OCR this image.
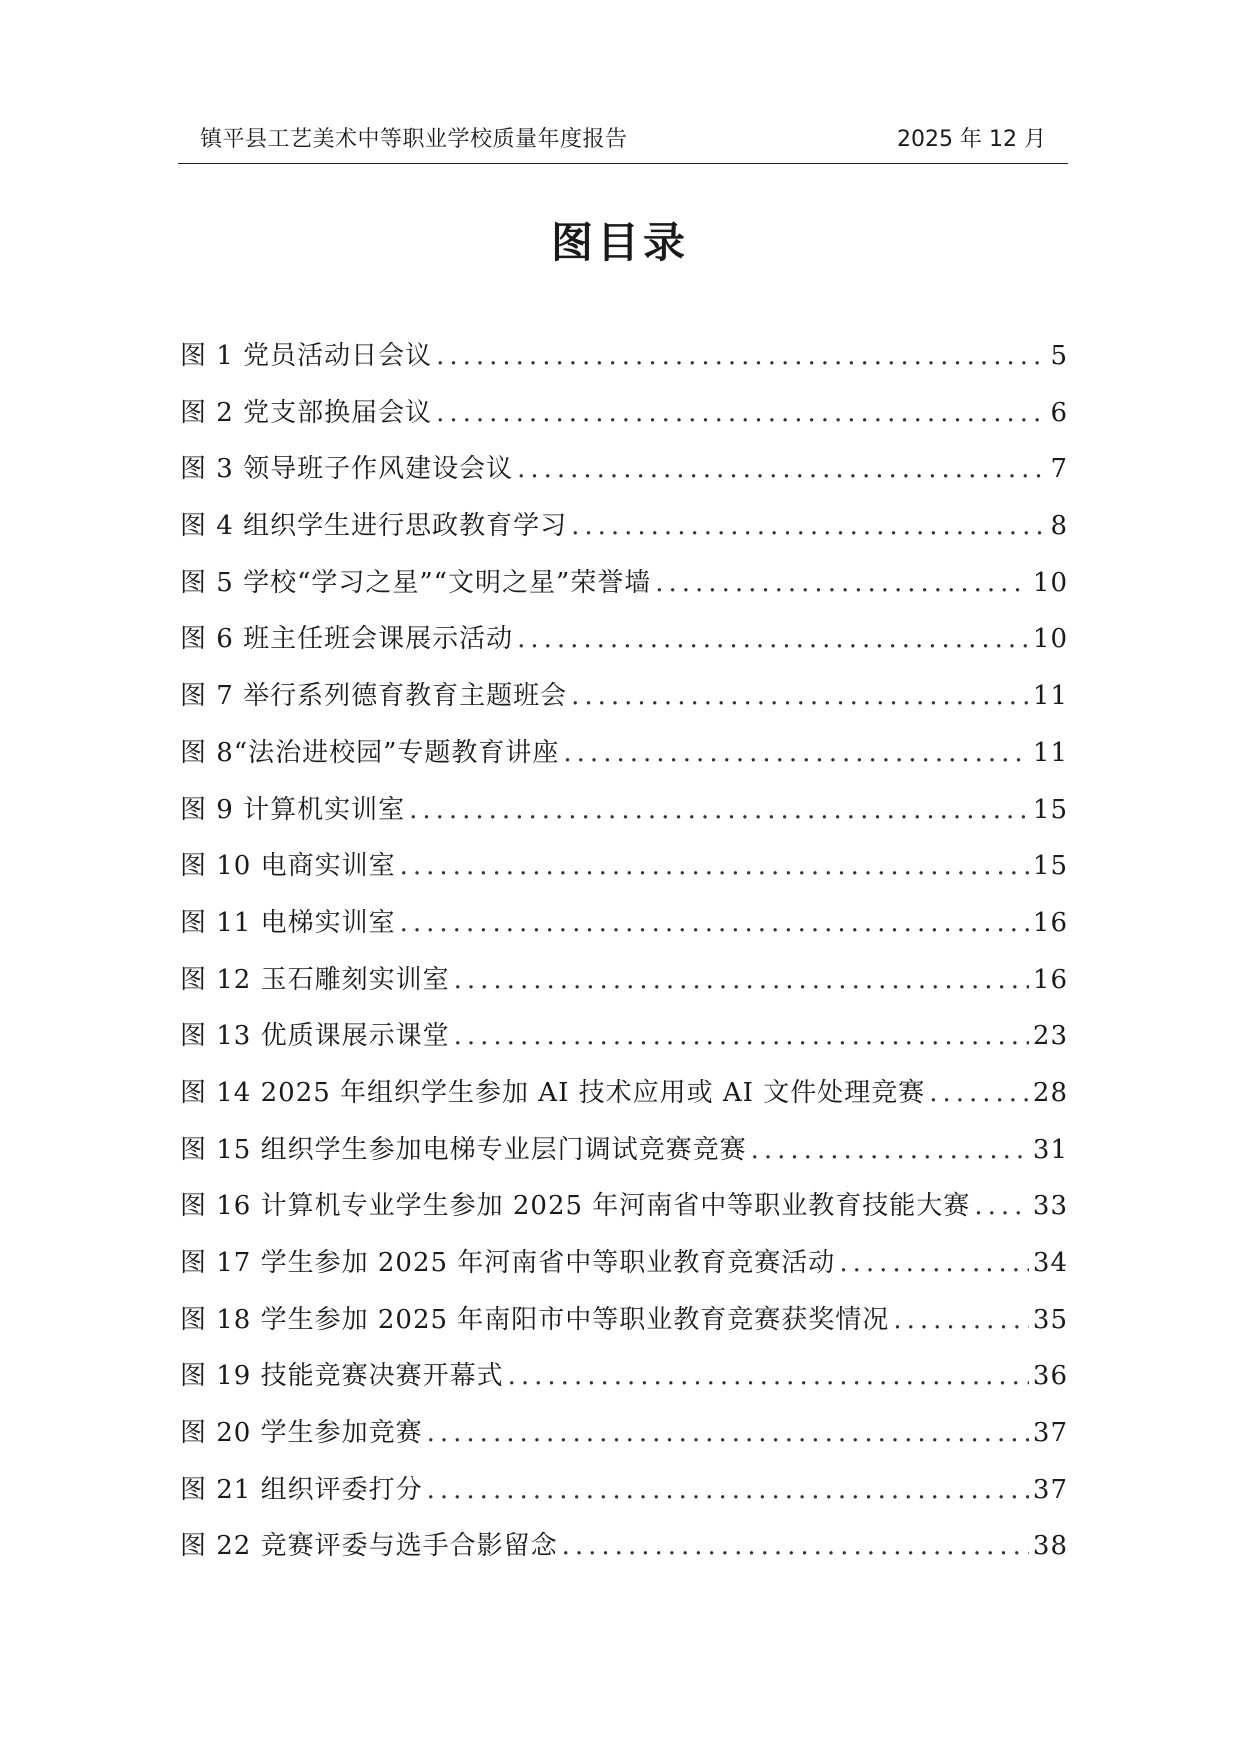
镇平县工艺美术中等职业学校质量年度报告	2025 年 12 月
图目录
图 1 党员活动日会议 .....	5
图 2 党支部换届会议 .....	6
图 3 领导班子作风建设会议 .....	7
图 4 组织学生进行思政教育学习 .....	8
图 5 学校“学习之星”“文明之星”荣誉墙 .....	10
图 6 班主任班会课展示活动 .....	10
图 7 举行系列德育教育主题班会 .....	11
图 8“法治进校园”专题教育讲座 .....	11
图 9 计算机实训室 .....	15
图 10 电商实训室 .....	15
图 11 电梯实训室 .....	16
图 12 玉石雕刻实训室 .....	16
图 13 优质课展示课堂 .....	23
图 14 2025 年组织学生参加 AI 技术应用或 AI 文件处理竞赛 .....	28
图 15 组织学生参加电梯专业层门调试竞赛竞赛 .....	31
图 16 计算机专业学生参加 2025 年河南省中等职业教育技能大赛 ..... 33
图 17 学生参加 2025 年河南省中等职业教育竞赛活动 .....	34
图 18 学生参加 2025 年南阳市中等职业教育竞赛获奖情况 .....	35
图 19 技能竞赛决赛开幕式 .....	36
图 20 学生参加竞赛 .....	37
图 21 组织评委打分 .....	37
图 22 竞赛评委与选手合影留念 .....	38
